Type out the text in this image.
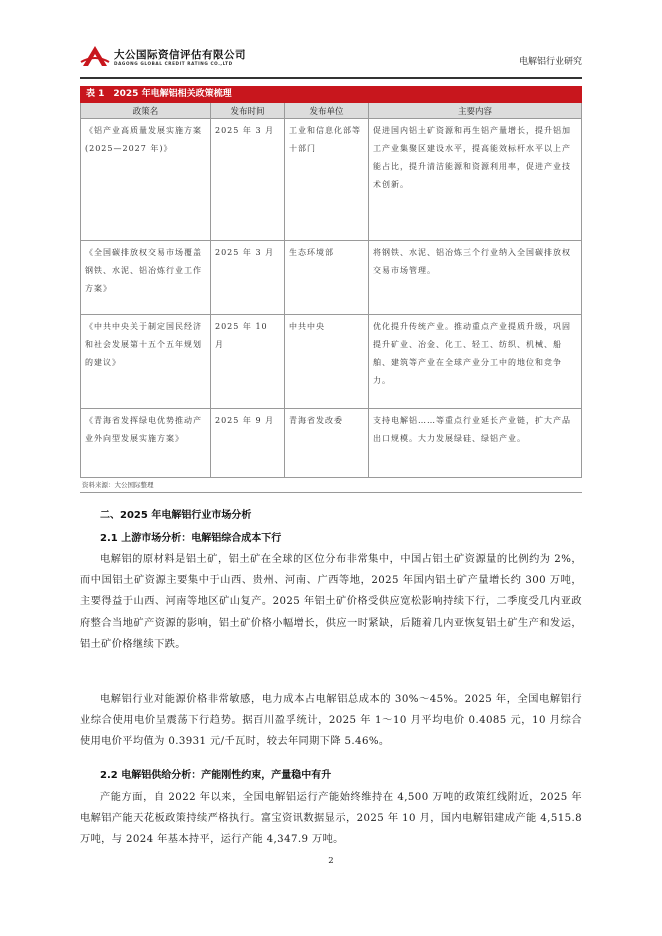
大公国际资信评估有限公司
DAGONG GLOBAL CREDIT RATING CO.,LTD	电解铝行业研究
表 1　2025 年电解铝相关政策梳理
政策名	发布时间	发布单位	主要内容
《铝产业高质量发展实施方案(2025—2027 年)》	2025 年 3 月	工业和信息化部等十部门	促进国内铝土矿资源和再生铝产量增长，提升铝加工产业集聚区建设水平，提高能效标杆水平以上产能占比，提升清洁能源和资源利用率，促进产业技术创新。
《全国碳排放权交易市场覆盖钢铁、水泥、铝冶炼行业工作方案》	2025 年 3 月	生态环境部	将钢铁、水泥、铝冶炼三个行业纳入全国碳排放权交易市场管理。
《中共中央关于制定国民经济和社会发展第十五个五年规划的建议》	2025 年 10 月	中共中央	优化提升传统产业。推动重点产业提质升级，巩固提升矿业、冶金、化工、轻工、纺织、机械、船舶、建筑等产业在全球产业分工中的地位和竞争力。
《青海省发挥绿电优势推动产业外向型发展实施方案》	2025 年 9 月	青海省发改委	支持电解铝……等重点行业延长产业链，扩大产品出口规模。大力发展绿硅、绿铝产业。
资料来源：大公国际整理
二、2025 年电解铝行业市场分析
2.1 上游市场分析：电解铝综合成本下行

电解铝的原材料是铝土矿，铝土矿在全球的区位分布非常集中，中国占铝土矿资源量的比例约为 2%，而中国铝土矿资源主要集中于山西、贵州、河南、广西等地，2025 年国内铝土矿产量增长约 300 万吨，主要得益于山西、河南等地区矿山复产。2025 年铝土矿价格受供应宽松影响持续下行，二季度受几内亚政府整合当地矿产资源的影响，铝土矿价格小幅增长，供应一时紧缺，后随着几内亚恢复铝土矿生产和发运，铝土矿价格继续下跌。

电解铝行业对能源价格非常敏感，电力成本占电解铝总成本的 30%～45%。2025 年，全国电解铝行业综合使用电价呈震荡下行趋势。据百川盈孚统计，2025 年 1～10 月平均电价 0.4085 元，10 月综合使用电价平均值为 0.3931 元/千瓦时，较去年同期下降 5.46%。

2.2 电解铝供给分析：产能刚性约束，产量稳中有升

产能方面，自 2022 年以来，全国电解铝运行产能始终维持在 4,500 万吨的政策红线附近，2025 年电解铝产能天花板政策持续严格执行。富宝资讯数据显示，2025 年 10 月，国内电解铝建成产能 4,515.8 万吨，与 2024 年基本持平，运行产能 4,347.9 万吨。

2
